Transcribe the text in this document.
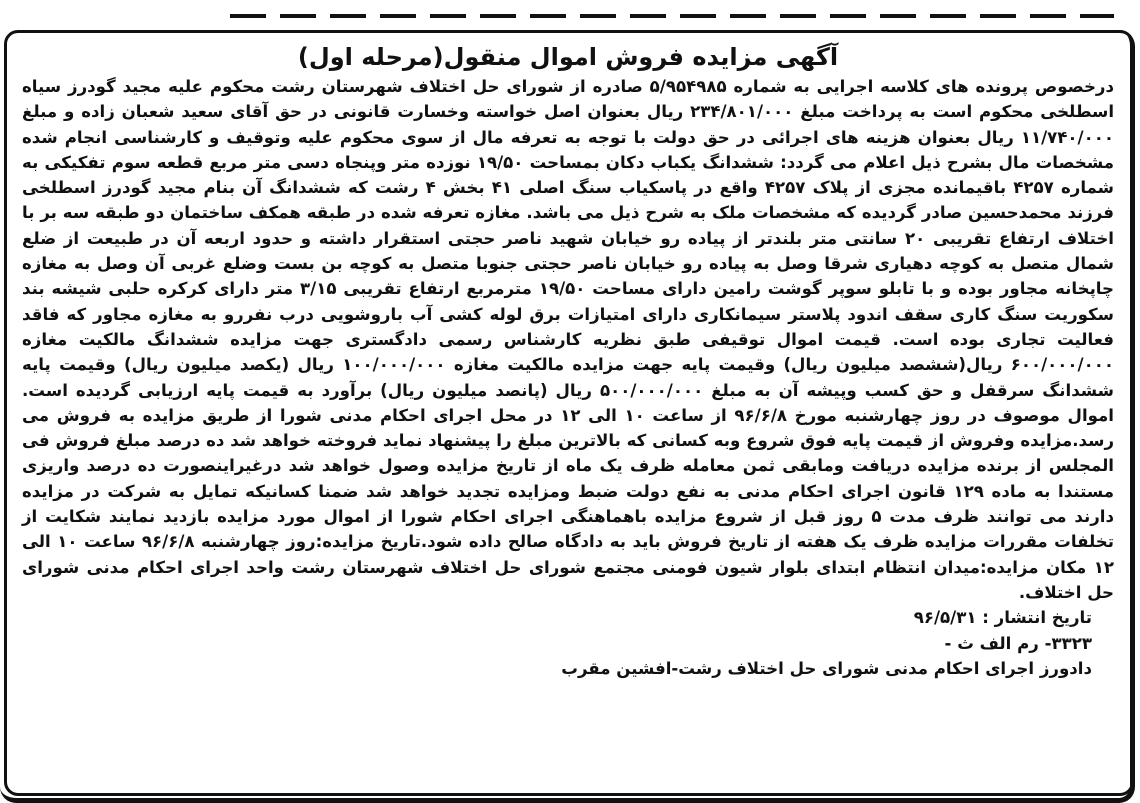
آگهی مزایده فروش اموال منقول(مرحله اول)

درخصوص پرونده های کلاسه اجرایی به شماره ۵/۹۵۴۹۸۵ صادره از شورای حل اختلاف شهرستان رشت محکوم علیه مجید گودرز سیاه اسطلخی محکوم است به پرداخت مبلغ ۲۳۴/۸۰۱/۰۰۰ ریال بعنوان اصل خواسته وخسارت قانونی در حق آقای سعید شعبان زاده و مبلغ ۱۱/۷۴۰/۰۰۰ ریال بعنوان هزینه های اجرائی در حق دولت با توجه به تعرفه مال از سوی محکوم علیه وتوقیف و کارشناسی انجام شده مشخصات مال بشرح ذیل اعلام می گردد: ششدانگ یکباب دکان بمساحت ۱۹/۵۰ نوزده متر وپنجاه دسی متر مربع قطعه سوم تفکیکی به شماره ۴۲۵۷ باقیمانده مجزی از پلاک ۴۲۵۷ واقع در پاسکیاب سنگ اصلی ۴۱ بخش ۴ رشت که ششدانگ آن بنام مجید گودرز اسطلخی فرزند محمدحسین صادر گردیده که مشخصات ملک به شرح ذیل می باشد. مغازه تعرفه شده در طبقه همکف ساختمان دو طبقه سه بر با اختلاف ارتفاع تقریبی ۲۰ سانتی متر بلندتر از پیاده رو خیابان شهید ناصر حجتی استقرار داشته و حدود اربعه آن در طبیعت از ضلع شمال متصل به کوچه دهیاری شرقا وصل به پیاده رو خیابان ناصر حجتی جنوبا متصل به کوچه بن بست وضلع غربی آن وصل به مغازه چاپخانه مجاور بوده و با تابلو سوپر گوشت رامین دارای مساحت ۱۹/۵۰ مترمربع ارتفاع تقریبی ۳/۱۵ متر دارای کرکره حلبی شیشه بند سکوریت سنگ کاری سقف اندود پلاستر سیمانکاری دارای امتیازات برق لوله کشی آب باروشویی درب نفررو به مغازه مجاور که فاقد فعالیت تجاری بوده است. قیمت اموال توقیفی طبق نظریه کارشناس رسمی دادگستری جهت مزایده ششدانگ مالکیت مغازه ۶۰۰/۰۰۰/۰۰۰ ریال(ششصد میلیون ریال) وقیمت پایه جهت مزایده مالکیت مغازه ۱۰۰/۰۰۰/۰۰۰ ریال (یکصد میلیون ریال) وقیمت پایه ششدانگ سرقفل و حق کسب وپیشه آن به مبلغ ۵۰۰/۰۰۰/۰۰۰ ریال (پانصد میلیون ریال) برآورد به قیمت پایه ارزیابی گردیده است. اموال موصوف در روز چهارشنبه مورخ ۹۶/۶/۸ از ساعت ۱۰ الی ۱۲ در محل اجرای احکام مدنی شورا از طریق مزایده به فروش می رسد.مزایده وفروش از قیمت پایه فوق شروع وبه کسانی که بالاترین مبلغ را پیشنهاد نماید فروخته خواهد شد ده درصد مبلغ فروش فی المجلس از برنده مزایده دریافت ومابقی ثمن معامله ظرف یک ماه از تاریخ مزایده وصول خواهد شد درغیراینصورت ده درصد واریزی مستندا به ماده ۱۲۹ قانون اجرای احکام مدنی به نفع دولت ضبط ومزایده تجدید خواهد شد ضمنا کسانیکه تمایل به شرکت در مزایده دارند می توانند ظرف مدت ۵ روز قبل از شروع مزایده باهماهنگی اجرای احکام شورا از اموال مورد مزایده بازدید نمایند شکایت از تخلفات مقررات مزایده ظرف یک هفته از تاریخ فروش باید به دادگاه صالح داده شود.تاریخ مزایده:روز چهارشنبه ۹۶/۶/۸ ساعت ۱۰ الی ۱۲ مکان مزایده:میدان انتظام ابتدای بلوار شیون فومنی مجتمع شورای حل اختلاف شهرستان رشت واحد اجرای احکام مدنی شورای حل اختلاف.

تاریخ انتشار : ۹۶/۵/۳۱

۳۳۲۳- رم الف ث -

دادورز اجرای احکام مدنی شورای حل اختلاف رشت-افشین مقرب
